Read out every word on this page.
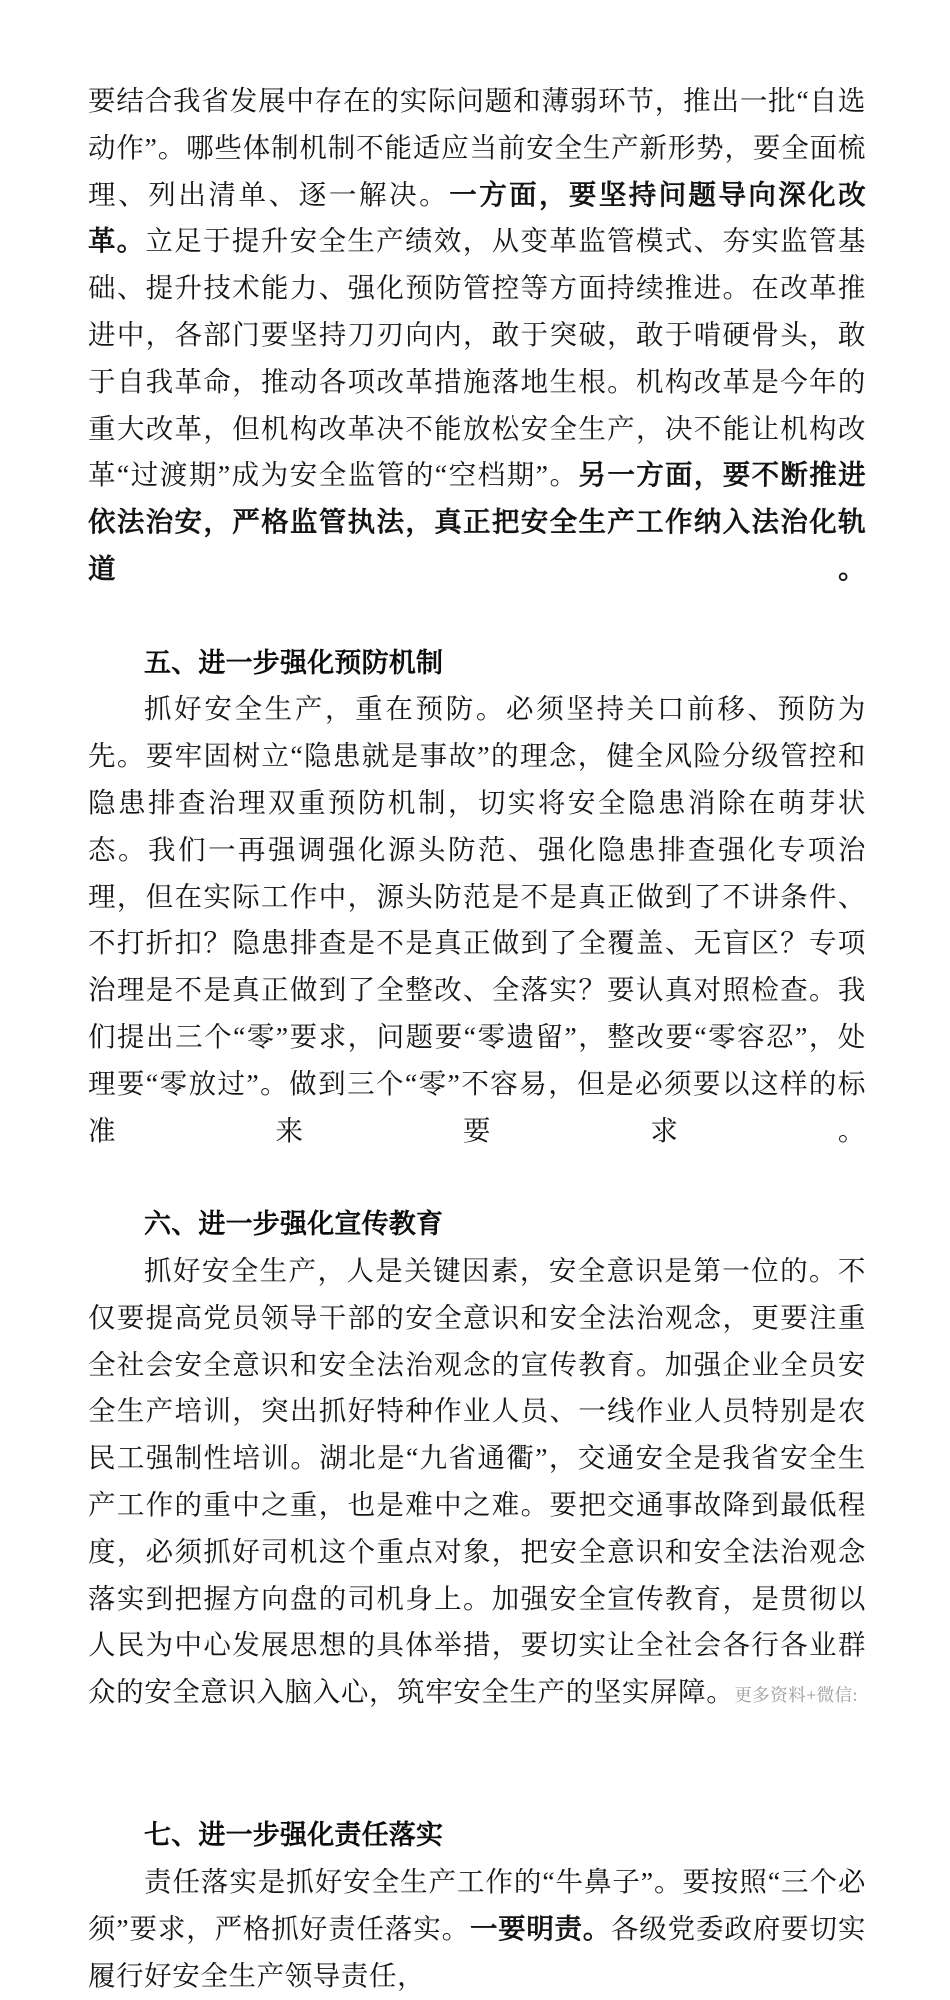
要结合我省发展中存在的实际问题和薄弱环节，推出一批“自选动作”。哪些体制机制不能适应当前安全生产新形势，要全面梳理、列出清单、逐一解决。一方面，要坚持问题导向深化改革。立足于提升安全生产绩效，从变革监管模式、夯实监管基础、提升技术能力、强化预防管控等方面持续推进。在改革推进中，各部门要坚持刀刃向内，敢于突破，敢于啃硬骨头，敢于自我革命，推动各项改革措施落地生根。机构改革是今年的重大改革，但机构改革决不能放松安全生产，决不能让机构改革“过渡期”成为安全监管的“空档期”。另一方面，要不断推进依法治安，严格监管执法，真正把安全生产工作纳入法治化轨道。

五、进一步强化预防机制

抓好安全生产，重在预防。必须坚持关口前移、预防为先。要牢固树立“隐患就是事故”的理念，健全风险分级管控和隐患排查治理双重预防机制，切实将安全隐患消除在萌芽状态。我们一再强调强化源头防范、强化隐患排查强化专项治理，但在实际工作中，源头防范是不是真正做到了不讲条件、不打折扣？隐患排查是不是真正做到了全覆盖、无盲区？专项治理是不是真正做到了全整改、全落实？要认真对照检查。我们提出三个“零”要求，问题要“零遗留”，整改要“零容忍”，处理要“零放过”。做到三个“零”不容易，但是必须要以这样的标准来要求。

六、进一步强化宣传教育

抓好安全生产，人是关键因素，安全意识是第一位的。不仅要提高党员领导干部的安全意识和安全法治观念，更要注重全社会安全意识和安全法治观念的宣传教育。加强企业全员安全生产培训，突出抓好特种作业人员、一线作业人员特别是农民工强制性培训。湖北是“九省通衢”，交通安全是我省安全生产工作的重中之重，也是难中之难。要把交通事故降到最低程度，必须抓好司机这个重点对象，把安全意识和安全法治观念落实到把握方向盘的司机身上。加强安全宣传教育，是贯彻以人民为中心发展思想的具体举措，要切实让全社会各行各业群众的安全意识入脑入心，筑牢安全生产的坚实屏障。更多资料+微信:

七、进一步强化责任落实

责任落实是抓好安全生产工作的“牛鼻子”。要按照“三个必须”要求，严格抓好责任落实。一要明责。各级党委政府要切实履行好安全生产领导责任，
